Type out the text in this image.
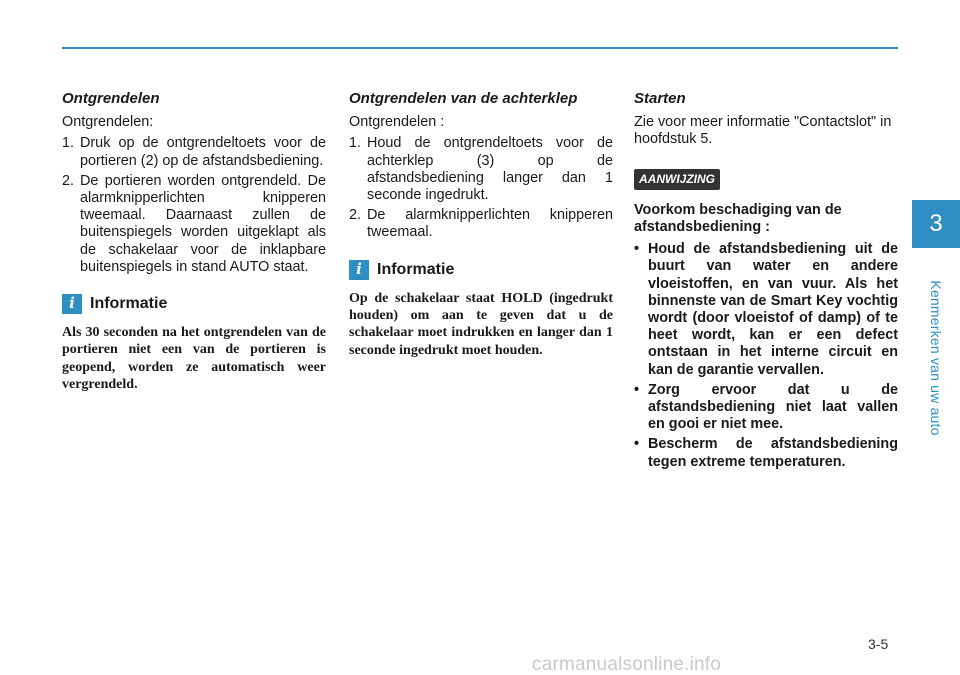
3
Kenmerken van uw auto
Ontgrendelen
Ontgrendelen:
1. Druk op de ontgrendeltoets voor de portieren (2) op de afstandsbediening.
2. De portieren worden ontgrendeld. De alarmknipperlichten knipperen tweemaal. Daarnaast zullen de buitenspiegels worden uitgeklapt als de schakelaar voor de inklapbare buitenspiegels in stand AUTO staat.
i Informatie
Als 30 seconden na het ontgrendelen van de portieren niet een van de portieren is geopend, worden ze automatisch weer vergrendeld.
Ontgrendelen van de achterklep
Ontgrendelen :
1. Houd de ontgrendeltoets voor de achterklep (3) op de afstandsbediening langer dan 1 seconde ingedrukt.
2. De alarmknipperlichten knipperen tweemaal.
i Informatie
Op de schakelaar staat HOLD (ingedrukt houden) om aan te geven dat u de schakelaar moet indrukken en langer dan 1 seconde ingedrukt moet houden.
Starten
Zie voor meer informatie "Contactslot" in hoofdstuk 5.
AANWIJZING
Voorkom beschadiging van de afstandsbediening :
• Houd de afstandsbediening uit de buurt van water en andere vloeistoffen, en van vuur. Als het binnenste van de Smart Key vochtig wordt (door vloeistof of damp) of te heet wordt, kan er een defect ontstaan in het interne circuit en kan de garantie vervallen.
• Zorg ervoor dat u de afstandsbediening niet laat vallen en gooi er niet mee.
• Bescherm de afstandsbediening tegen extreme temperaturen.
3-5
carmanualsonline.info
